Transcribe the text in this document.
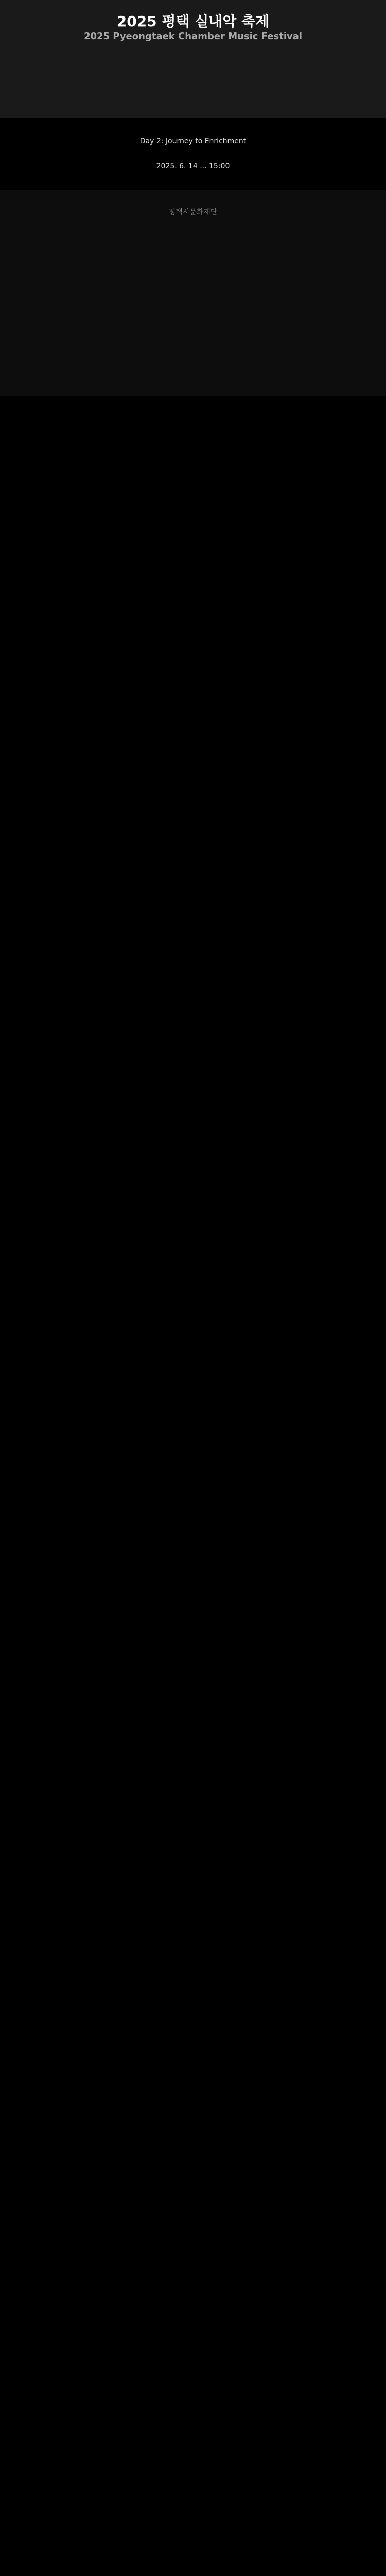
2025 평택 실내악 축제
2025 Pyeongtaek Chamber Music Festival

Day 2: Journey to Enrichment

2025. 6. 14 ... 15:00

평택시문화재단
